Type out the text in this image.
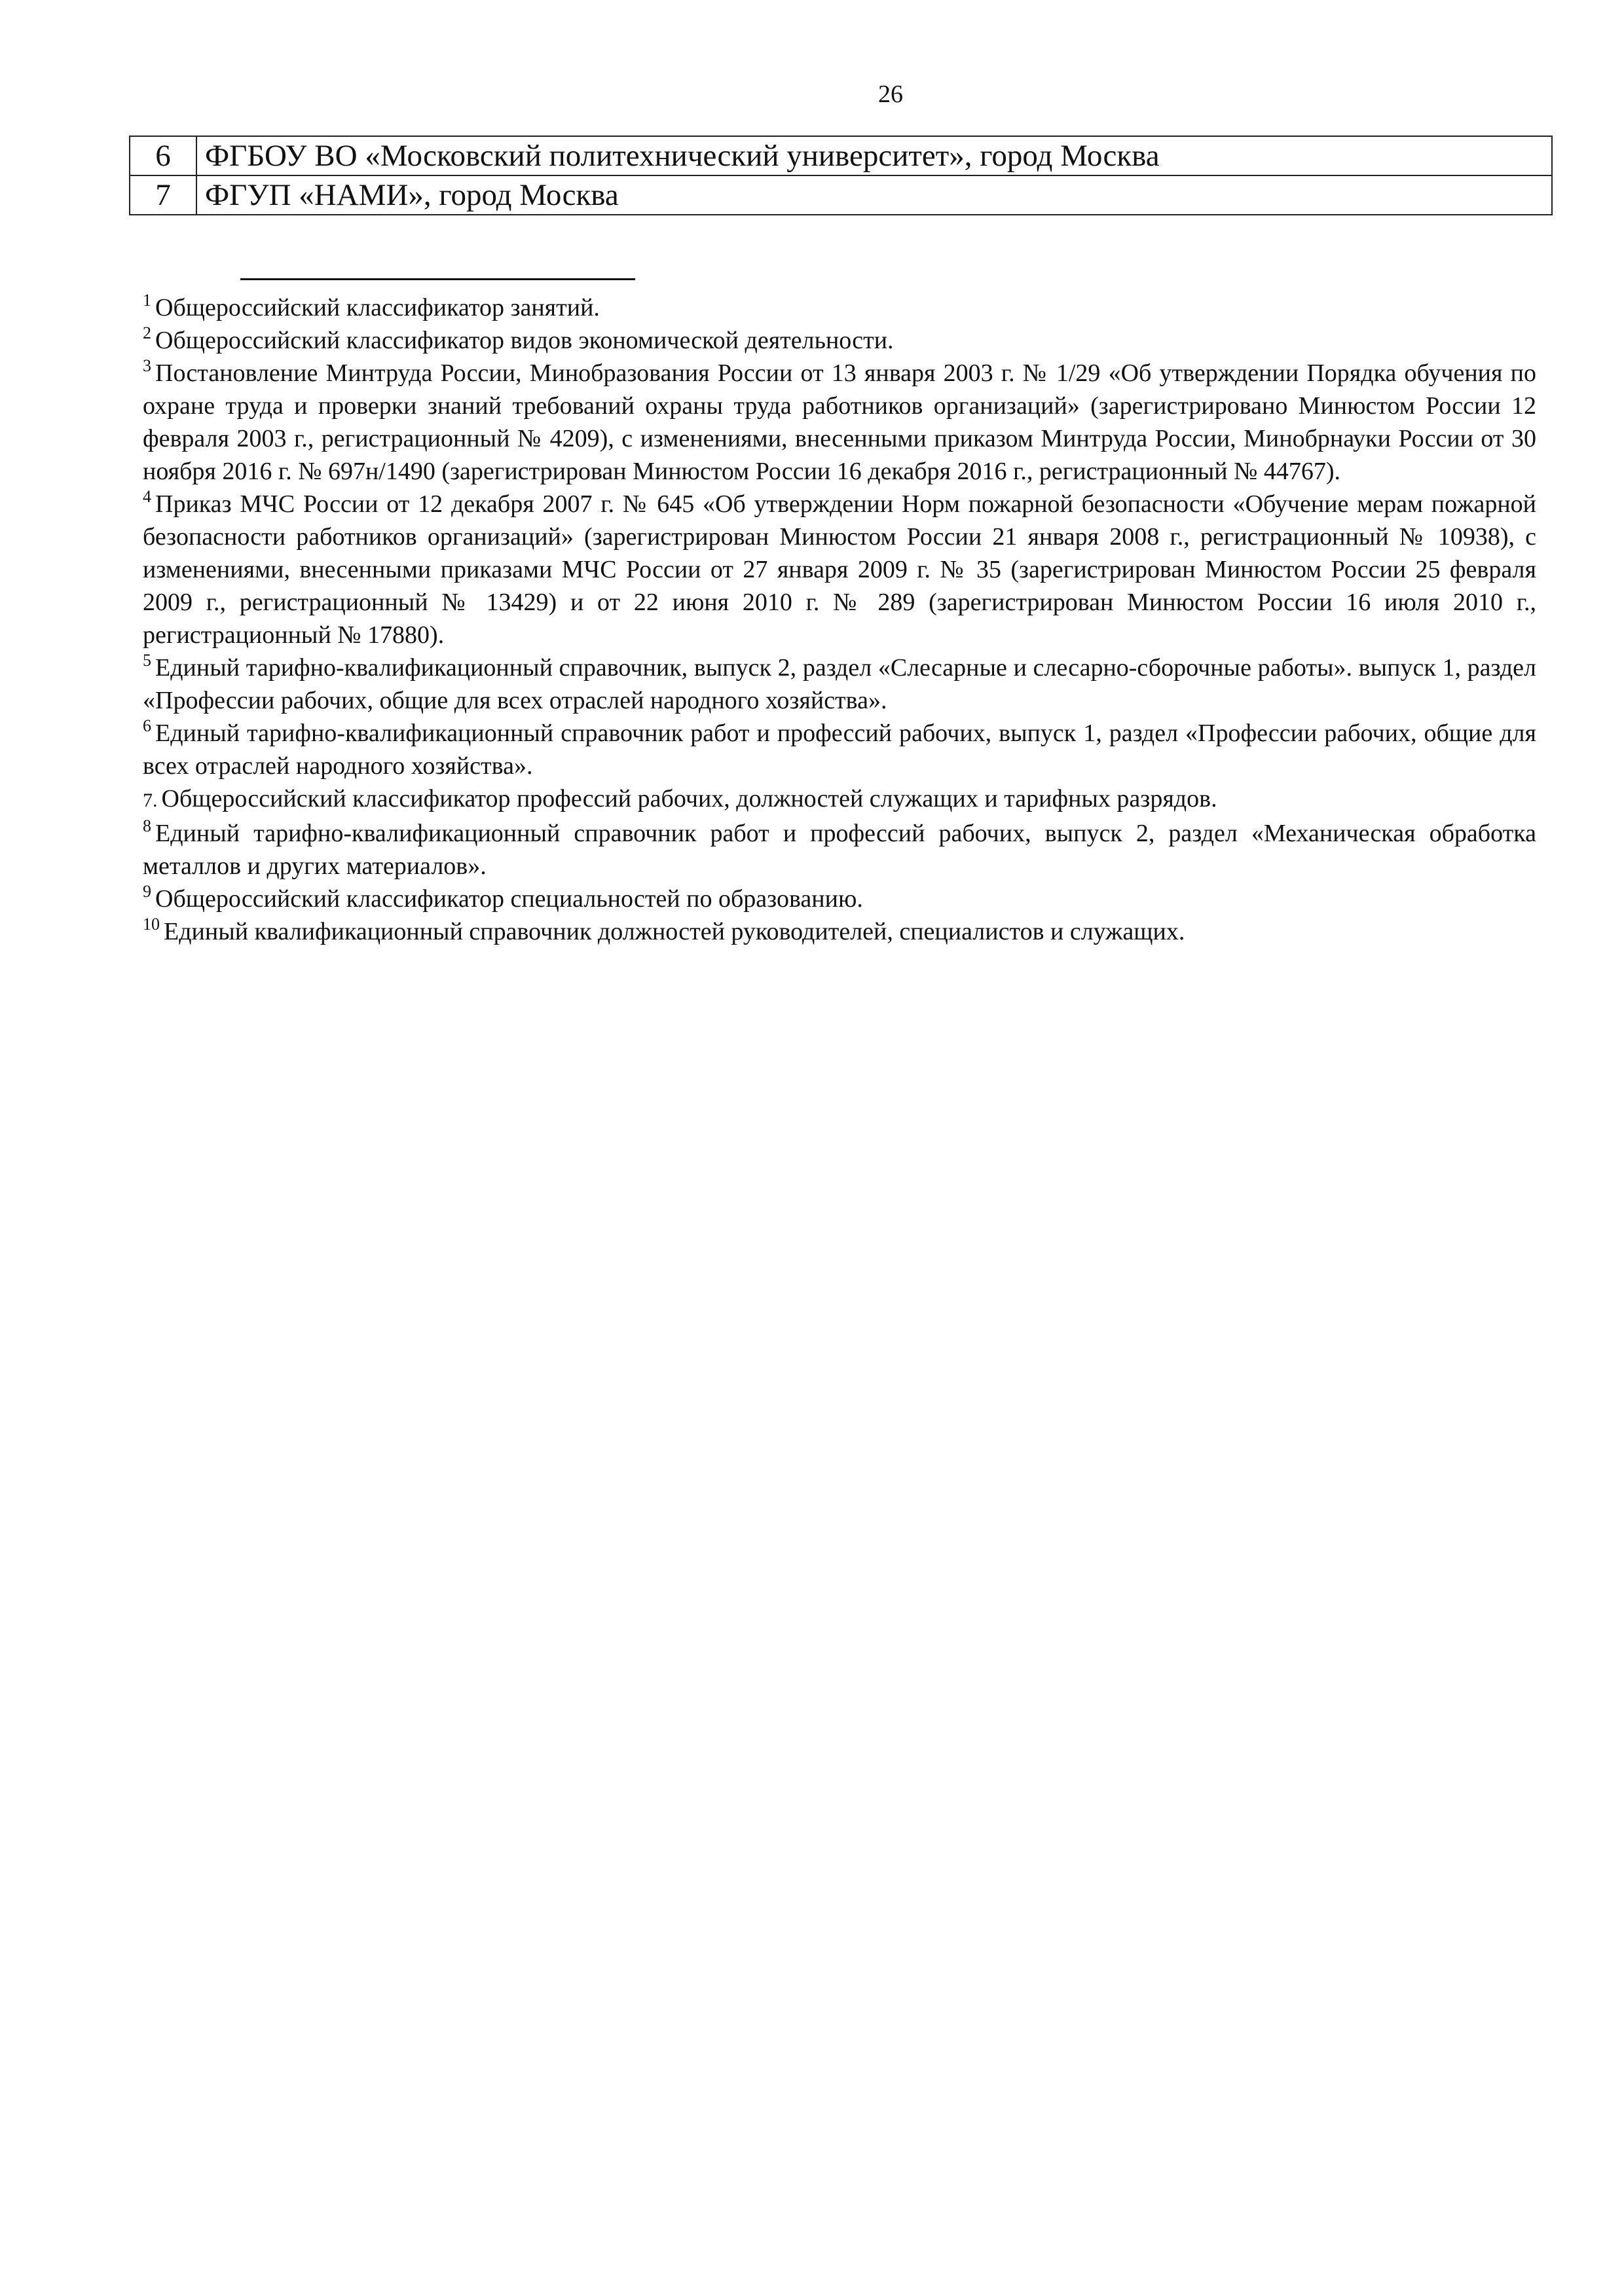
26
6	ФГБОУ ВО «Московский политехнический университет», город Москва
7	ФГУП «НАМИ», город Москва

$^1$ Общероссийский классификатор занятий.

$^2$ Общероссийский классификатор видов экономической деятельности.

$^3$ Постановление Минтруда России, Минобразования России от 13 января 2003 г. № 1/29 «Об утверждении Порядка обучения по охране труда и проверки знаний требований охраны труда работников организаций» (зарегистрировано Минюстом России 12 февраля 2003 г., регистрационный № 4209), с изменениями, внесенными приказом Минтруда России, Минобрнауки России от 30 ноября 2016 г. № 697н/1490 (зарегистрирован Минюстом России 16 декабря 2016 г., регистрационный № 44767).

$^4$ Приказ МЧС России от 12 декабря 2007 г. № 645 «Об утверждении Норм пожарной безопасности «Обучение мерам пожарной безопасности работников организаций» (зарегистрирован Минюстом России 21 января 2008 г., регистрационный № 10938), с изменениями, внесенными приказами МЧС России от 27 января 2009 г. № 35 (зарегистрирован Минюстом России 25 февраля 2009 г., регистрационный № 13429) и от 22 июня 2010 г. № 289 (зарегистрирован Минюстом России 16 июля 2010 г., регистрационный № 17880).

$^5$ Единый тарифно-квалификационный справочник, выпуск 2, раздел «Слесарные и слесарно-сборочные работы». выпуск 1, раздел «Профессии рабочих, общие для всех отраслей народного хозяйства».

$^6$ Единый тарифно-квалификационный справочник работ и профессий рабочих, выпуск 1, раздел «Профессии рабочих, общие для всех отраслей народного хозяйства».

7. Общероссийский классификатор профессий рабочих, должностей служащих и тарифных разрядов.

$^8$ Единый тарифно-квалификационный справочник работ и профессий рабочих, выпуск 2, раздел «Механическая обработка металлов и других материалов».

$^9$ Общероссийский классификатор специальностей по образованию.

$^{10}$ Единый квалификационный справочник должностей руководителей, специалистов и служащих.
